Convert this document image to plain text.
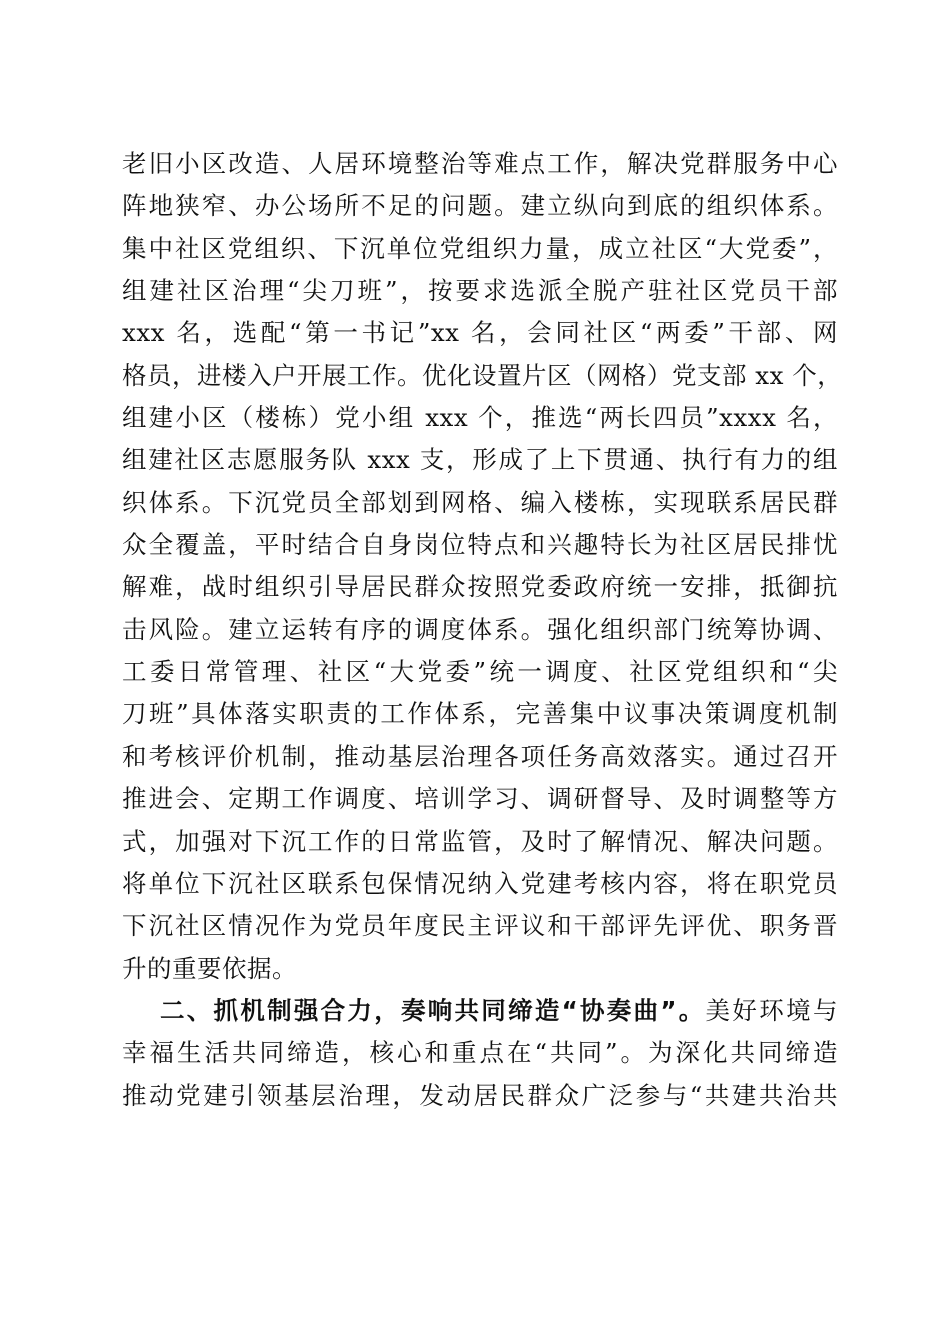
老旧小区改造、人居环境整治等难点工作，解决党群服务中心
阵地狭窄、办公场所不足的问题。建立纵向到底的组织体系。
集中社区党组织、下沉单位党组织力量，成立社区“大党委”，
组建社区治理“尖刀班”，按要求选派全脱产驻社区党员干部
xxx 名，选配“第一书记”xx 名，会同社区“两委”干部、网
格员，进楼入户开展工作。优化设置片区（网格）党支部 xx 个，
组建小区（楼栋）党小组 xxx 个，推选“两长四员”xxxx 名，
组建社区志愿服务队 xxx 支，形成了上下贯通、执行有力的组
织体系。下沉党员全部划到网格、编入楼栋，实现联系居民群
众全覆盖，平时结合自身岗位特点和兴趣特长为社区居民排忧
解难，战时组织引导居民群众按照党委政府统一安排，抵御抗
击风险。建立运转有序的调度体系。强化组织部门统筹协调、
工委日常管理、社区“大党委”统一调度、社区党组织和“尖
刀班”具体落实职责的工作体系，完善集中议事决策调度机制
和考核评价机制，推动基层治理各项任务高效落实。通过召开
推进会、定期工作调度、培训学习、调研督导、及时调整等方
式，加强对下沉工作的日常监管，及时了解情况、解决问题。
将单位下沉社区联系包保情况纳入党建考核内容，将在职党员
下沉社区情况作为党员年度民主评议和干部评先评优、职务晋
升的重要依据。
二、抓机制强合力，奏响共同缔造“协奏曲”。美好环境与
幸福生活共同缔造，核心和重点在“共同”。为深化共同缔造
推动党建引领基层治理，发动居民群众广泛参与“共建共治共
